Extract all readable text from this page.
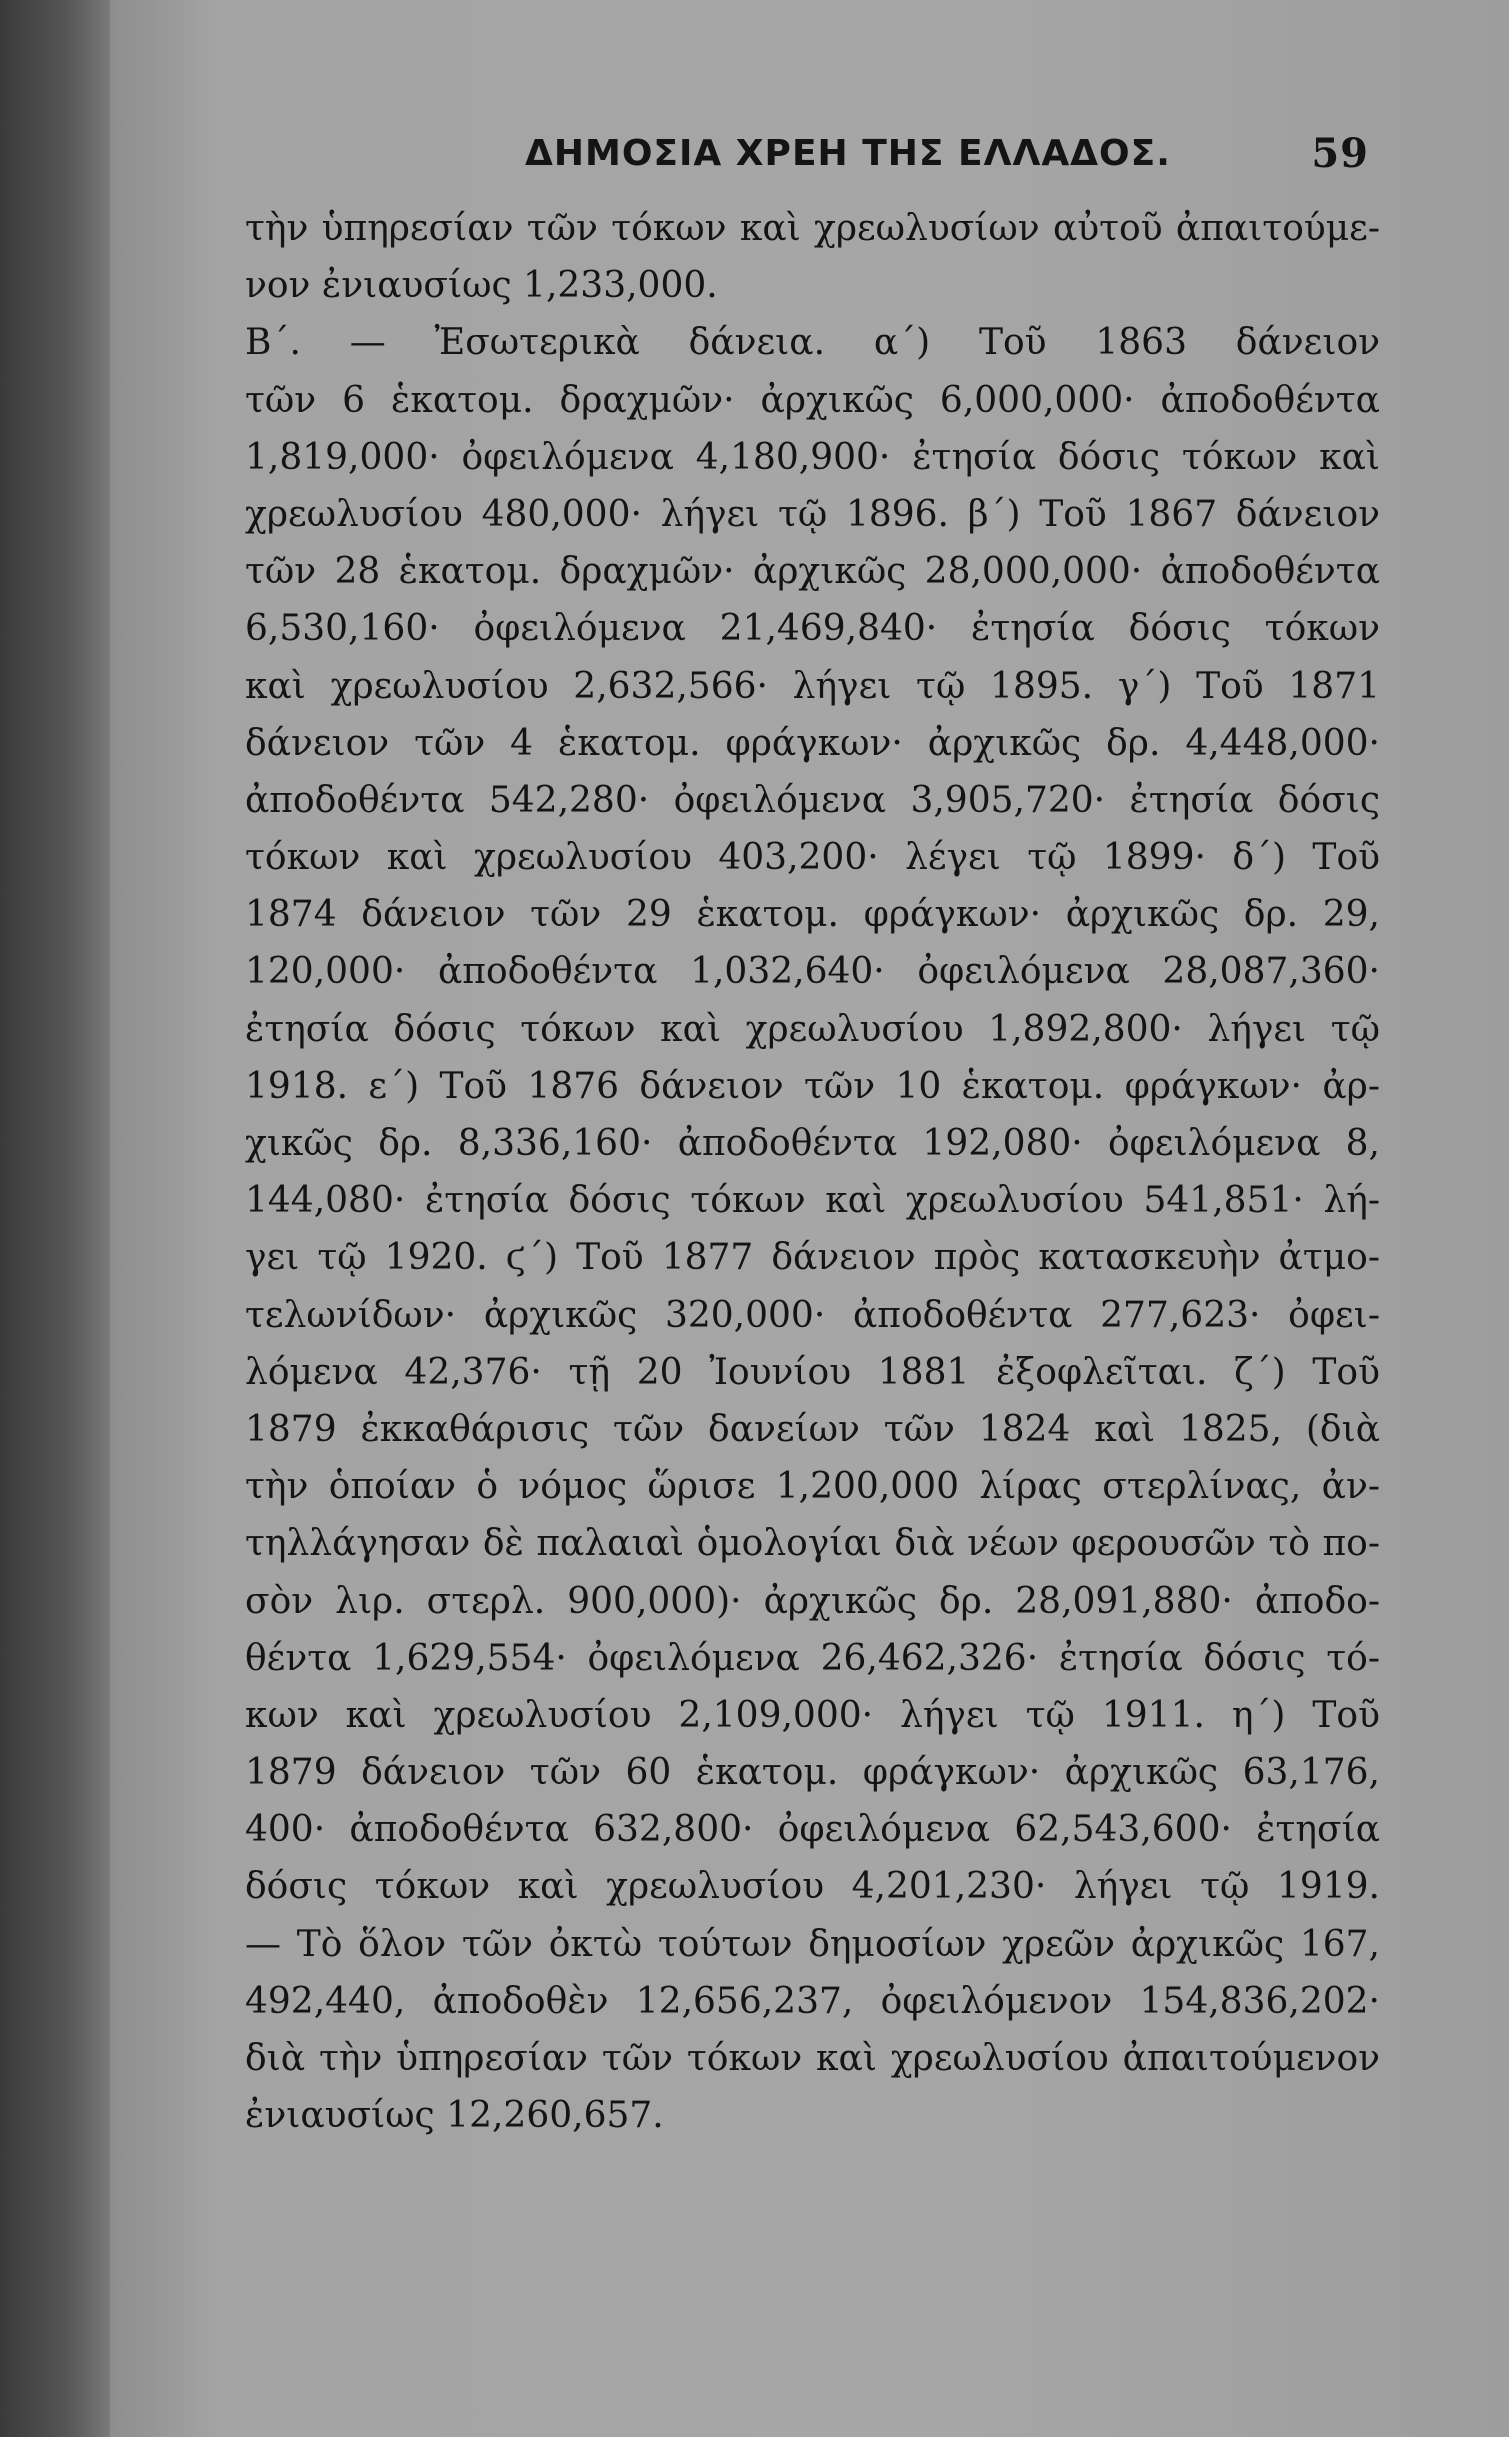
ΔΗΜΟΣΙΑ ΧΡΕΗ ΤΗΣ ΕΛΛΑΔΟΣ.	59
τὴν ὑπηρεσίαν τῶν τόκων καὶ χρεωλυσίων αὐτοῦ ἀπαιτούμε-
νον ἐνιαυσίως 1,233,000.
Β΄. — Ἐσωτερικὰ δάνεια. α΄) Τοῦ 1863 δάνειον
τῶν 6 ἑκατομ. δραχμῶν· ἀρχικῶς 6,000,000· ἀποδοθέντα
1,819,000· ὀφειλόμενα 4,180,900· ἐτησία δόσις τόκων καὶ
χρεωλυσίου 480,000· λήγει τῷ 1896. β΄) Τοῦ 1867 δάνειον
τῶν 28 ἑκατομ. δραχμῶν· ἀρχικῶς 28,000,000· ἀποδοθέντα
6,530,160· ὀφειλόμενα 21,469,840· ἐτησία δόσις τόκων
καὶ χρεωλυσίου 2,632,566· λήγει τῷ 1895. γ΄) Τοῦ 1871
δάνειον τῶν 4 ἑκατομ. φράγκων· ἀρχικῶς δρ. 4,448,000·
ἀποδοθέντα 542,280· ὀφειλόμενα 3,905,720· ἐτησία δόσις
τόκων καὶ χρεωλυσίου 403,200· λέγει τῷ 1899· δ΄) Τοῦ
1874 δάνειον τῶν 29 ἑκατομ. φράγκων· ἀρχικῶς δρ. 29,
120,000· ἀποδοθέντα 1,032,640· ὀφειλόμενα 28,087,360·
ἐτησία δόσις τόκων καὶ χρεωλυσίου 1,892,800· λήγει τῷ
1918. ε΄) Τοῦ 1876 δάνειον τῶν 10 ἑκατομ. φράγκων· ἀρ-
χικῶς δρ. 8,336,160· ἀποδοθέντα 192,080· ὀφειλόμενα 8,
144,080· ἐτησία δόσις τόκων καὶ χρεωλυσίου 541,851· λή-
γει τῷ 1920. ϛ΄) Τοῦ 1877 δάνειον πρὸς κατασκευὴν ἀτμο-
τελωνίδων· ἀρχικῶς 320,000· ἀποδοθέντα 277,623· ὀφει-
λόμενα 42,376· τῇ 20 Ἰουνίου 1881 ἐξοφλεῖται. ζ΄) Τοῦ
1879 ἐκκαθάρισις τῶν δανείων τῶν 1824 καὶ 1825, (διὰ
τὴν ὁποίαν ὁ νόμος ὥρισε 1,200,000 λίρας στερλίνας, ἀν-
τηλλάγησαν δὲ παλαιαὶ ὁμολογίαι διὰ νέων φερουσῶν τὸ πο-
σὸν λιρ. στερλ. 900,000)· ἀρχικῶς δρ. 28,091,880· ἀποδο-
θέντα 1,629,554· ὀφειλόμενα 26,462,326· ἐτησία δόσις τό-
κων καὶ χρεωλυσίου 2,109,000· λήγει τῷ 1911. η΄) Τοῦ
1879 δάνειον τῶν 60 ἑκατομ. φράγκων· ἀρχικῶς 63,176,
400· ἀποδοθέντα 632,800· ὀφειλόμενα 62,543,600· ἐτησία
δόσις τόκων καὶ χρεωλυσίου 4,201,230· λήγει τῷ 1919.
— Τὸ ὅλον τῶν ὀκτὼ τούτων δημοσίων χρεῶν ἀρχικῶς 167,
492,440, ἀποδοθὲν 12,656,237, ὀφειλόμενον 154,836,202·
διὰ τὴν ὑπηρεσίαν τῶν τόκων καὶ χρεωλυσίου ἀπαιτούμενον
ἐνιαυσίως 12,260,657.
